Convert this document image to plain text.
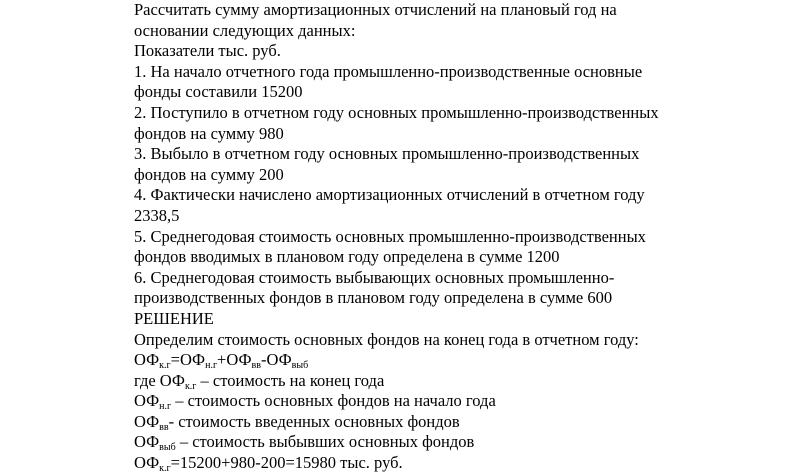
Рассчитать сумму амортизационных отчислений на плановый год на

основании следующих данных:

Показатели тыс. руб.

1. На начало отчетного года промышленно-производственные основные

фонды составили 15200

2. Поступило в отчетном году основных промышленно-производственных

фондов на сумму 980

3. Выбыло в отчетном году основных промышленно-производственных

фондов на сумму 200

4. Фактически начислено амортизационных отчислений в отчетном году

2338,5

5. Среднегодовая стоимость основных промышленно-производственных

фондов вводимых в плановом году определена в сумме 1200

6. Среднегодовая стоимость выбывающих основных промышленно-

производственных фондов в плановом году определена в сумме 600

РЕШЕНИЕ

Определим стоимость основных фондов на конец года в отчетном году:

$ОФ_{к.г}=ОФ_{н.г}+ОФ_{вв}-ОФ_{выб}$

где $ОФ_{к.г}$ – стоимость на конец года

$ОФ_{н.г}$ – стоимость основных фондов на начало года

$ОФ_{вв}-$ стоимость введенных основных фондов

$ОФ_{выб}$ – стоимость выбывших основных фондов

$ОФ_{к.г}=15200+980-200=15980$ тыс. руб.
